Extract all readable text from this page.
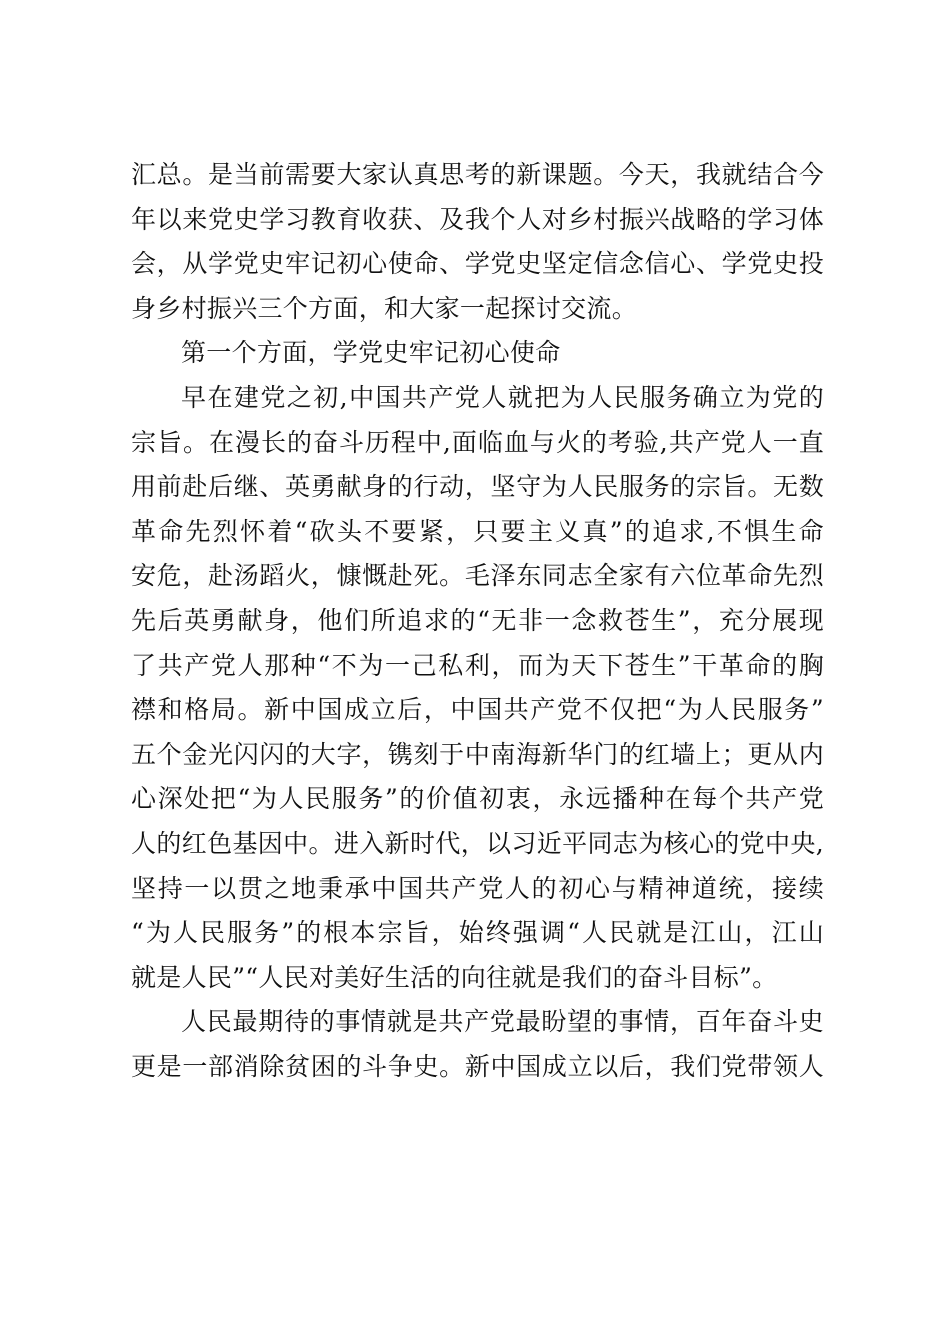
汇总。是当前需要大家认真思考的新课题。今天，我就结合今
年以来党史学习教育收获、及我个人对乡村振兴战略的学习体
会，从学党史牢记初心使命、学党史坚定信念信心、学党史投
身乡村振兴三个方面，和大家一起探讨交流。
第一个方面，学党史牢记初心使命
早在建党之初,中国共产党人就把为人民服务确立为党的
宗旨。在漫长的奋斗历程中,面临血与火的考验,共产党人一直
用前赴后继、英勇献身的行动，坚守为人民服务的宗旨。无数
革命先烈怀着“砍头不要紧，只要主义真”的追求,不惧生命
安危，赴汤蹈火，慷慨赴死。毛泽东同志全家有六位革命先烈
先后英勇献身，他们所追求的“无非一念救苍生”，充分展现
了共产党人那种“不为一己私利，而为天下苍生”干革命的胸
襟和格局。新中国成立后，中国共产党不仅把“为人民服务”
五个金光闪闪的大字，镌刻于中南海新华门的红墙上；更从内
心深处把“为人民服务”的价值初衷，永远播种在每个共产党
人的红色基因中。进入新时代，以习近平同志为核心的党中央,
坚持一以贯之地秉承中国共产党人的初心与精神道统，接续
“为人民服务”的根本宗旨，始终强调“人民就是江山，江山
就是人民”“人民对美好生活的向往就是我们的奋斗目标”。
人民最期待的事情就是共产党最盼望的事情，百年奋斗史
更是一部消除贫困的斗争史。新中国成立以后，我们党带领人
